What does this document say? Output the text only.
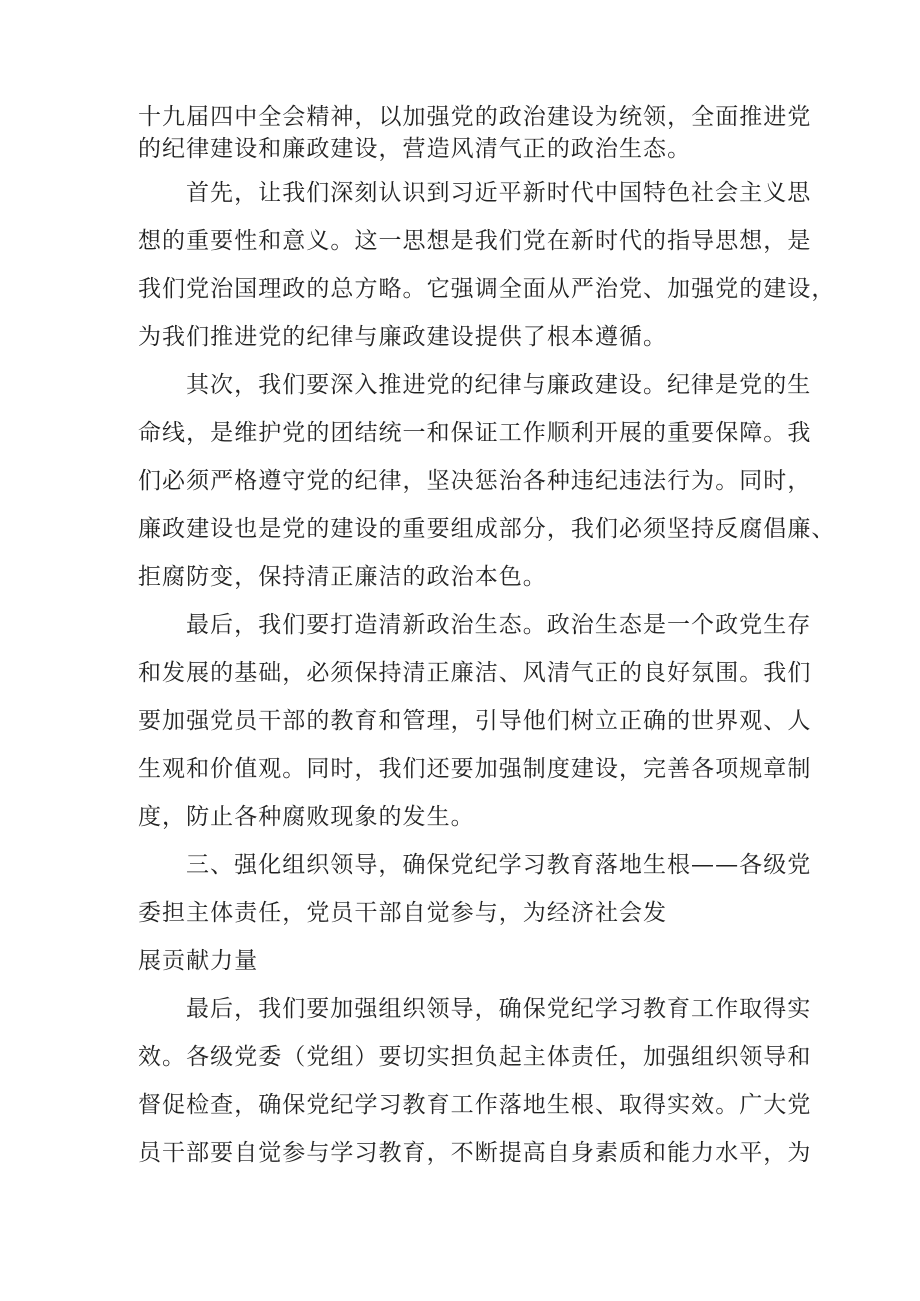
十九届四中全会精神，以加强党的政治建设为统领，全面推进党
的纪律建设和廉政建设，营造风清气正的政治生态。
首先，让我们深刻认识到习近平新时代中国特色社会主义思
想的重要性和意义。这一思想是我们党在新时代的指导思想，是
我们党治国理政的总方略。它强调全面从严治党、加强党的建设，
为我们推进党的纪律与廉政建设提供了根本遵循。
其次，我们要深入推进党的纪律与廉政建设。纪律是党的生
命线，是维护党的团结统一和保证工作顺利开展的重要保障。我
们必须严格遵守党的纪律，坚决惩治各种违纪违法行为。同时，
廉政建设也是党的建设的重要组成部分，我们必须坚持反腐倡廉、
拒腐防变，保持清正廉洁的政治本色。
最后，我们要打造清新政治生态。政治生态是一个政党生存
和发展的基础，必须保持清正廉洁、风清气正的良好氛围。我们
要加强党员干部的教育和管理，引导他们树立正确的世界观、人
生观和价值观。同时，我们还要加强制度建设，完善各项规章制
度，防止各种腐败现象的发生。
三、强化组织领导，确保党纪学习教育落地生根——各级党
委担主体责任，党员干部自觉参与，为经济社会发
展贡献力量
最后，我们要加强组织领导，确保党纪学习教育工作取得实
效。各级党委（党组）要切实担负起主体责任，加强组织领导和
督促检查，确保党纪学习教育工作落地生根、取得实效。广大党
员干部要自觉参与学习教育，不断提高自身素质和能力水平，为
